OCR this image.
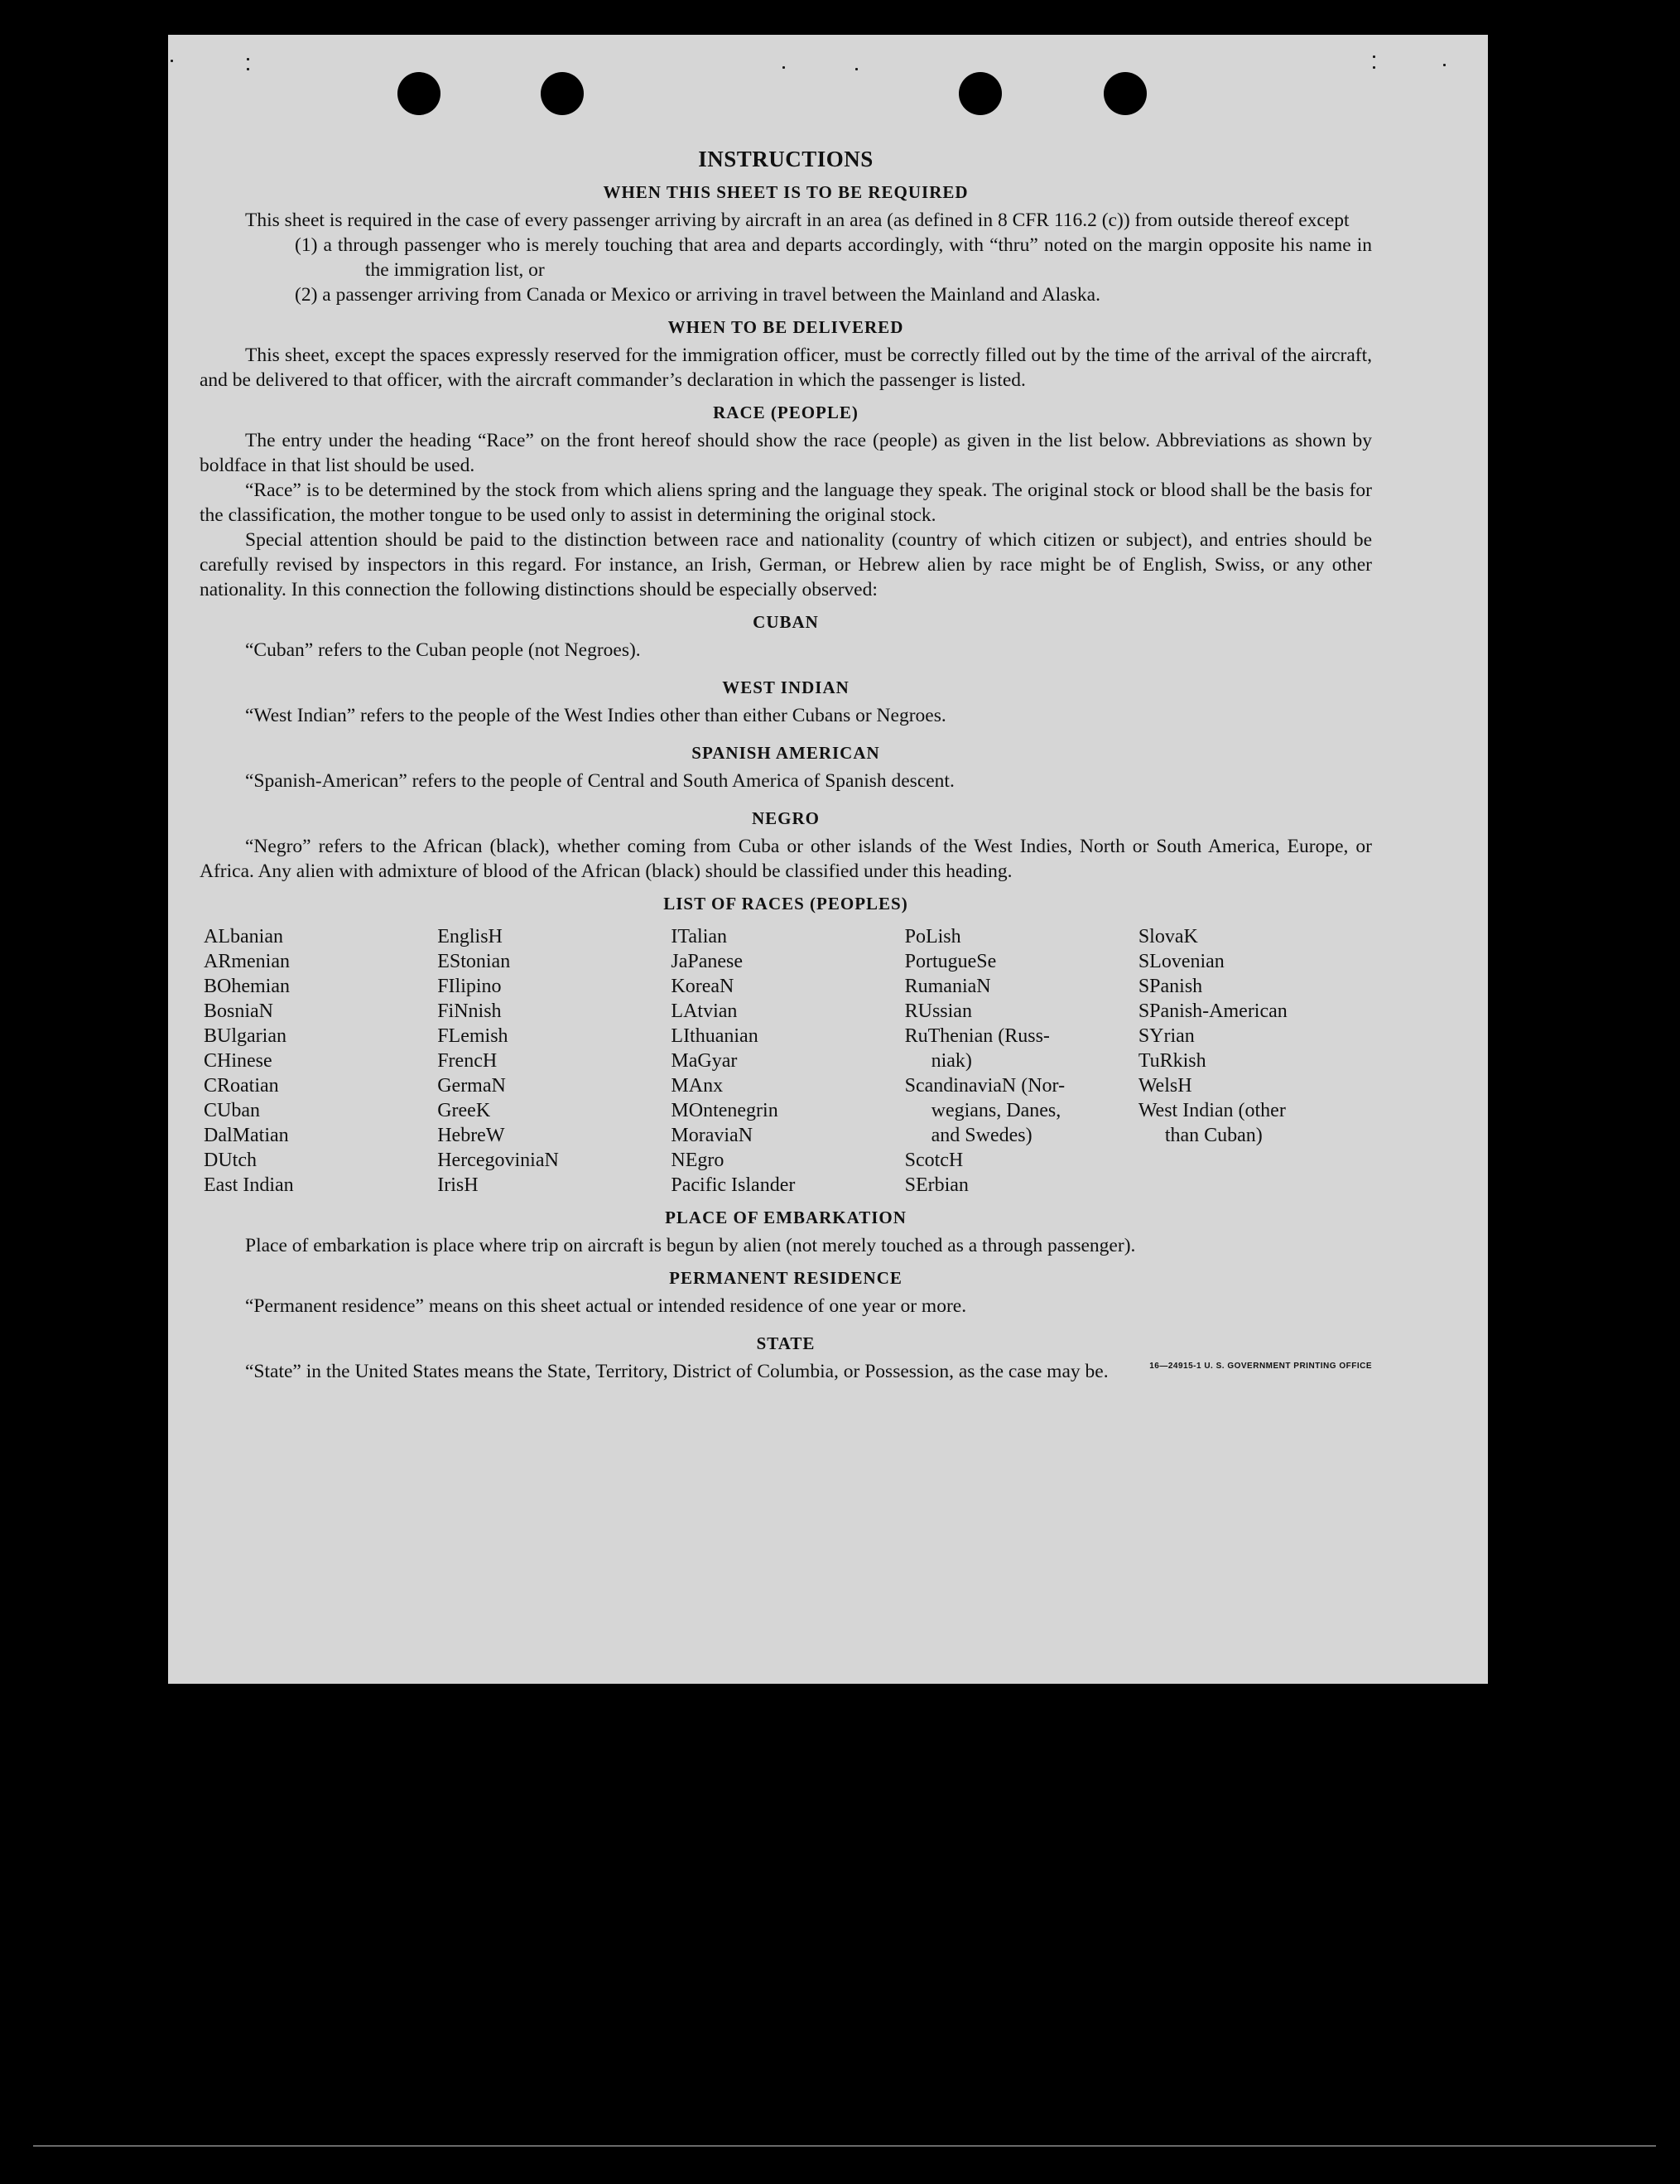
INSTRUCTIONS
WHEN THIS SHEET IS TO BE REQUIRED

This sheet is required in the case of every passenger arriving by aircraft in an area (as defined in 8 CFR 116.2 (c)) from outside thereof except

(1) a through passenger who is merely touching that area and departs accordingly, with “thru” noted on the margin opposite his name in the immigration list, or

(2) a passenger arriving from Canada or Mexico or arriving in travel between the Mainland and Alaska.

WHEN TO BE DELIVERED

This sheet, except the spaces expressly reserved for the immigration officer, must be correctly filled out by the time of the arrival of the aircraft, and be delivered to that officer, with the aircraft commander’s declaration in which the passenger is listed.

RACE (PEOPLE)

The entry under the heading “Race” on the front hereof should show the race (people) as given in the list below. Abbreviations as shown by boldface in that list should be used.

“Race” is to be determined by the stock from which aliens spring and the language they speak. The original stock or blood shall be the basis for the classification, the mother tongue to be used only to assist in determining the original stock.

Special attention should be paid to the distinction between race and nationality (country of which citizen or subject), and entries should be carefully revised by inspectors in this regard. For instance, an Irish, German, or Hebrew alien by race might be of English, Swiss, or any other nationality. In this connection the following distinctions should be especially observed:

CUBAN

“Cuban” refers to the Cuban people (not Negroes).

WEST INDIAN

“West Indian” refers to the people of the West Indies other than either Cubans or Negroes.

SPANISH AMERICAN

“Spanish-American” refers to the people of Central and South America of Spanish descent.

NEGRO

“Negro” refers to the African (black), whether coming from Cuba or other islands of the West Indies, North or South America, Europe, or Africa. Any alien with admixture of blood of the African (black) should be classified under this heading.

LIST OF RACES (PEOPLES)
ALbanian
ARmenian
BOhemian
BosniaN
BUlgarian
CHinese
CRoatian
CUban
DalMatian
DUtch
East Indian
EnglisH
EStonian
FIlipino
FiNnish
FLemish
FrencH
GermaN
GreeK
HebreW
HercegoviniaN
IrisH
ITalian
JaPanese
KoreaN
LAtvian
LIthuanian
MaGyar
MAnx
MOntenegrin
MoraviaN
NEgro
Pacific Islander
PoLish
PortugueSe
RumaniaN
RUssian
RuThenian (Russ-
niak)
ScandinaviaN (Nor-
wegians, Danes,
and Swedes)
ScotcH
SErbian
SlovaK
SLovenian
SPanish
SPanish-American
SYrian
TuRkish
WelsH
West Indian (other
than Cuban)
PLACE OF EMBARKATION

Place of embarkation is place where trip on aircraft is begun by alien (not merely touched as a through passenger).

PERMANENT RESIDENCE

“Permanent residence” means on this sheet actual or intended residence of one year or more.

STATE

“State” in the United States means the State, Territory, District of Columbia, or Possession, as the case may be.	16—24915-1 U. S. GOVERNMENT PRINTING OFFICE
